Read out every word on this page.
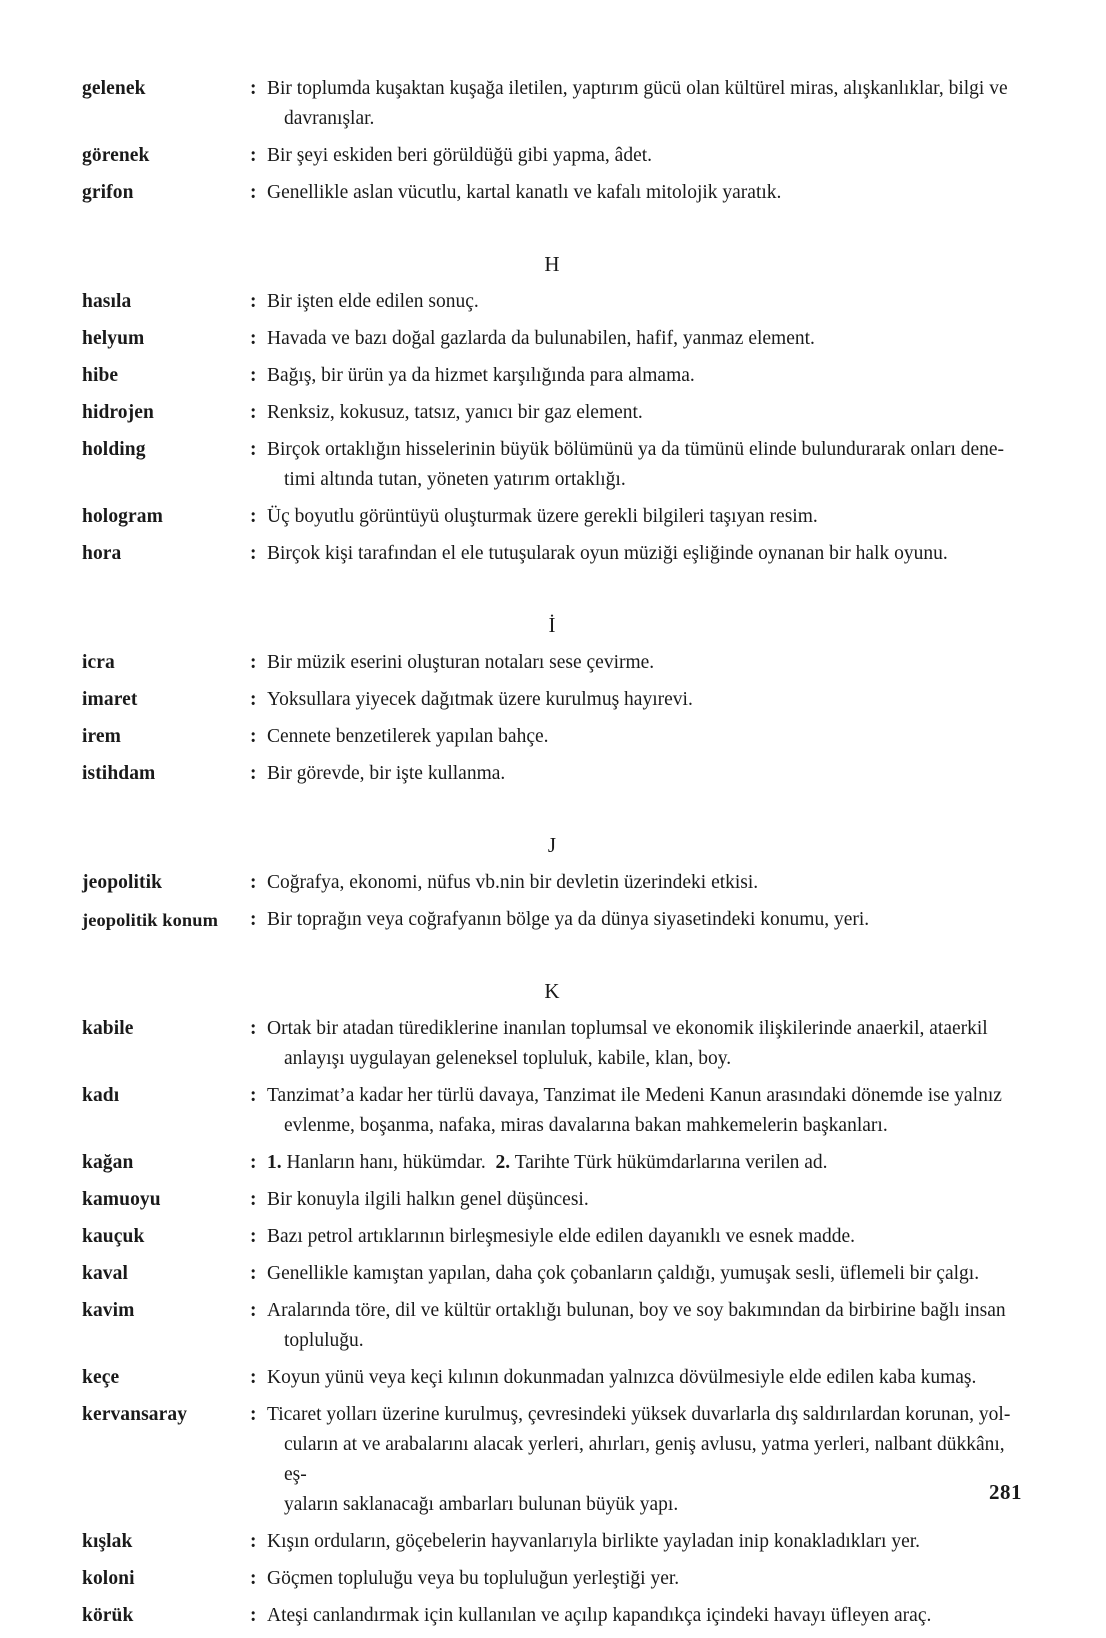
gelenek	: Bir toplumda kuşaktan kuşağa iletilen, yaptırım gücü olan kültürel miras, alışkanlıklar, bilgi ve
davranışlar.
görenek	: Bir şeyi eskiden beri görüldüğü gibi yapma, âdet.
grifon	: Genellikle aslan vücutlu, kartal kanatlı ve kafalı mitolojik yaratık.
H
hasıla	: Bir işten elde edilen sonuç.
helyum	: Havada ve bazı doğal gazlarda da bulunabilen, hafif, yanmaz element.
hibe	: Bağış, bir ürün ya da hizmet karşılığında para almama.
hidrojen	: Renksiz, kokusuz, tatsız, yanıcı bir gaz element.
holding	: Birçok ortaklığın hisselerinin büyük bölümünü ya da tümünü elinde bulundurarak onları dene-
timi altında tutan, yöneten yatırım ortaklığı.
hologram	: Üç boyutlu görüntüyü oluşturmak üzere gerekli bilgileri taşıyan resim.
hora	: Birçok kişi tarafından el ele tutuşularak oyun müziği eşliğinde oynanan bir halk oyunu.
İ
icra	: Bir müzik eserini oluşturan notaları sese çevirme.
imaret	: Yoksullara yiyecek dağıtmak üzere kurulmuş hayırevi.
irem	: Cennete benzetilerek yapılan bahçe.
istihdam	: Bir görevde, bir işte kullanma.
J
jeopolitik	: Coğrafya, ekonomi, nüfus vb.nin bir devletin üzerindeki etkisi.
jeopolitik konum	: Bir toprağın veya coğrafyanın bölge ya da dünya siyasetindeki konumu, yeri.
K
kabile	: Ortak bir atadan türediklerine inanılan toplumsal ve ekonomik ilişkilerinde anaerkil, ataerkil
anlayışı uygulayan geleneksel topluluk, kabile, klan, boy.
kadı	: Tanzimat’a kadar her türlü davaya, Tanzimat ile Medeni Kanun arasındaki dönemde ise yalnız
evlenme, boşanma, nafaka, miras davalarına bakan mahkemelerin başkanları.
kağan	: 1. Hanların hanı, hükümdar.  2. Tarihte Türk hükümdarlarına verilen ad.
kamuoyu	: Bir konuyla ilgili halkın genel düşüncesi.
kauçuk	: Bazı petrol artıklarının birleşmesiyle elde edilen dayanıklı ve esnek madde.
kaval	: Genellikle kamıştan yapılan, daha çok çobanların çaldığı, yumuşak sesli, üflemeli bir çalgı.
kavim	: Aralarında töre, dil ve kültür ortaklığı bulunan, boy ve soy bakımından da birbirine bağlı insan
topluluğu.
keçe	: Koyun yünü veya keçi kılının dokunmadan yalnızca dövülmesiyle elde edilen kaba kumaş.
kervansaray	: Ticaret yolları üzerine kurulmuş, çevresindeki yüksek duvarlarla dış saldırılardan korunan, yol-
cuların at ve arabalarını alacak yerleri, ahırları, geniş avlusu, yatma yerleri, nalbant dükkânı, eş-
yaların saklanacağı ambarları bulunan büyük yapı.
kışlak	: Kışın orduların, göçebelerin hayvanlarıyla birlikte yayladan inip konakladıkları yer.
koloni	: Göçmen topluluğu veya bu topluluğun yerleştiği yer.
körük	: Ateşi canlandırmak için kullanılan ve açılıp kapandıkça içindeki havayı üfleyen araç.
281
